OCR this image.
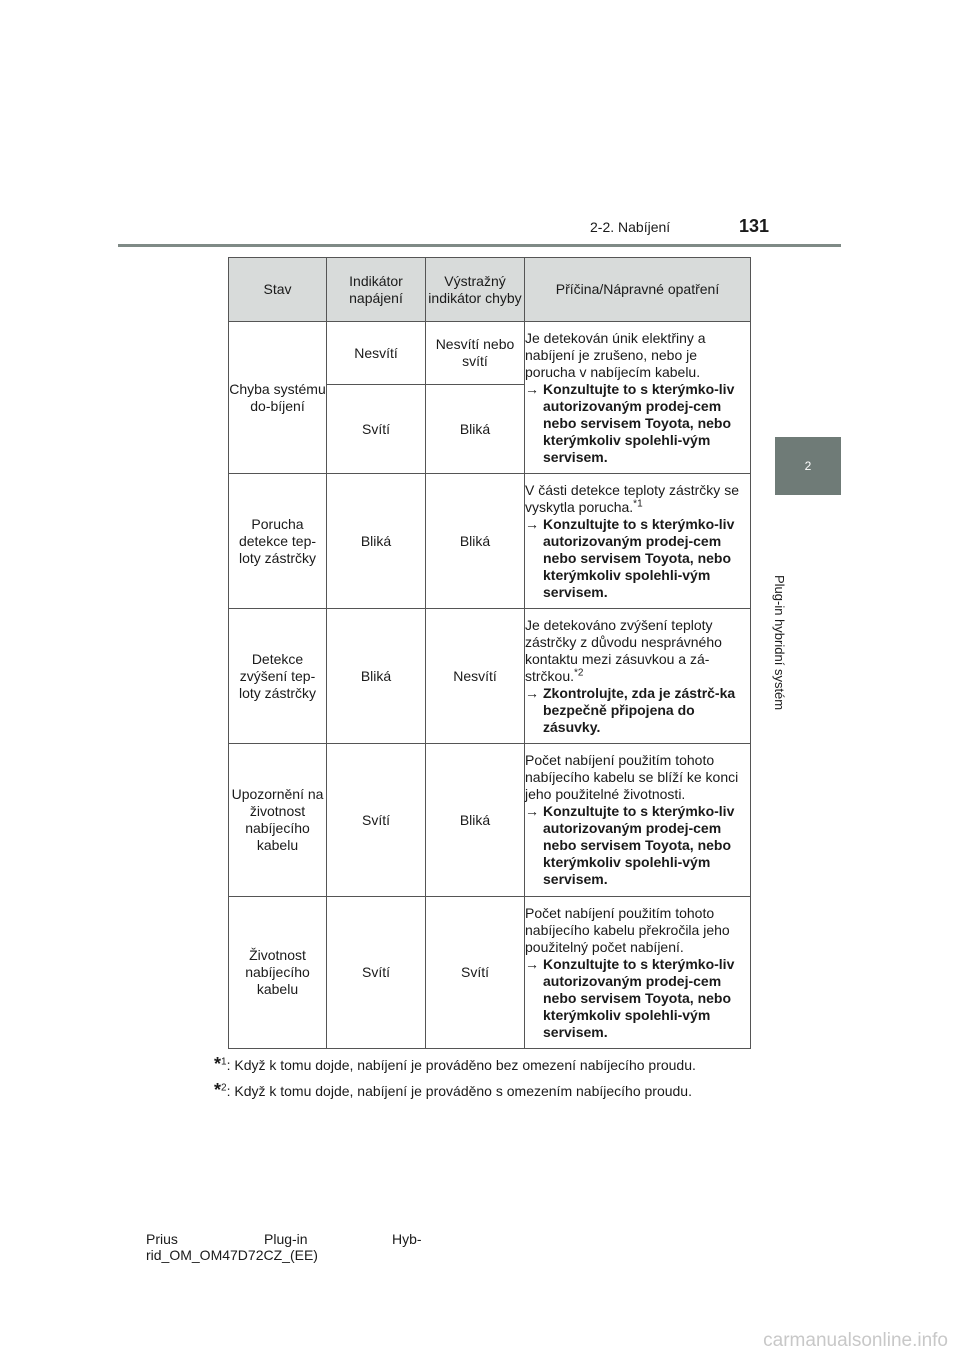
2-2. Nabíjení	131
2
Plug-in hybridní systém
Stav	Indikátor napájení	Výstražný indikátor chyby	Příčina/Nápravné opatření
Chyba systému do-bíjení	Nesvítí	Nesvítí nebo svítí	Je detekován únik elektřiny a nabíjení je zrušeno, nebo je porucha v nabíjecím kabelu.
→ Konzultujte to s kterýmko-liv autorizovaným prodej-cem nebo servisem Toyota, nebo kterýmkoliv spolehli-vým servisem.

	Svítí	Bliká	
Porucha detekce tep-loty zástrčky	Bliká	Bliká	V části detekce teploty zástrčky se vyskytla porucha.$^{*1}$
→ Konzultujte to s kterýmko-liv autorizovaným prodej-cem nebo servisem Toyota, nebo kterýmkoliv spolehli-vým servisem.

Detekce zvýšení tep-loty zástrčky	Bliká	Nesvítí	Je detekováno zvýšení teploty zástrčky z důvodu nesprávného kontaktu mezi zásuvkou a zá-strčkou.$^{*2}$
→ Zkontrolujte, zda je zástrč-ka bezpečně připojena do zásuvky.

Upozornění na životnost nabíjecího kabelu	Svítí	Bliká	Počet nabíjení použitím tohoto nabíjecího kabelu se blíží ke konci jeho použitelné životnosti.
→ Konzultujte to s kterýmko-liv autorizovaným prodej-cem nebo servisem Toyota, nebo kterýmkoliv spolehli-vým servisem.

Životnost nabíjecího kabelu	Svítí	Svítí	Počet nabíjení použitím tohoto nabíjecího kabelu překročila jeho použitelný počet nabíjení.
→ Konzultujte to s kterýmko-liv autorizovaným prodej-cem nebo servisem Toyota, nebo kterýmkoliv spolehli-vým servisem.
*$^1$: Když k tomu dojde, nabíjení je prováděno bez omezení nabíjecího proudu.
*$^2$: Když k tomu dojde, nabíjení je prováděno s omezením nabíjecího proudu.
Prius	Plug-in	Hyb-
rid_OM_OM47D72CZ_(EE)
carmanualsonline.info
